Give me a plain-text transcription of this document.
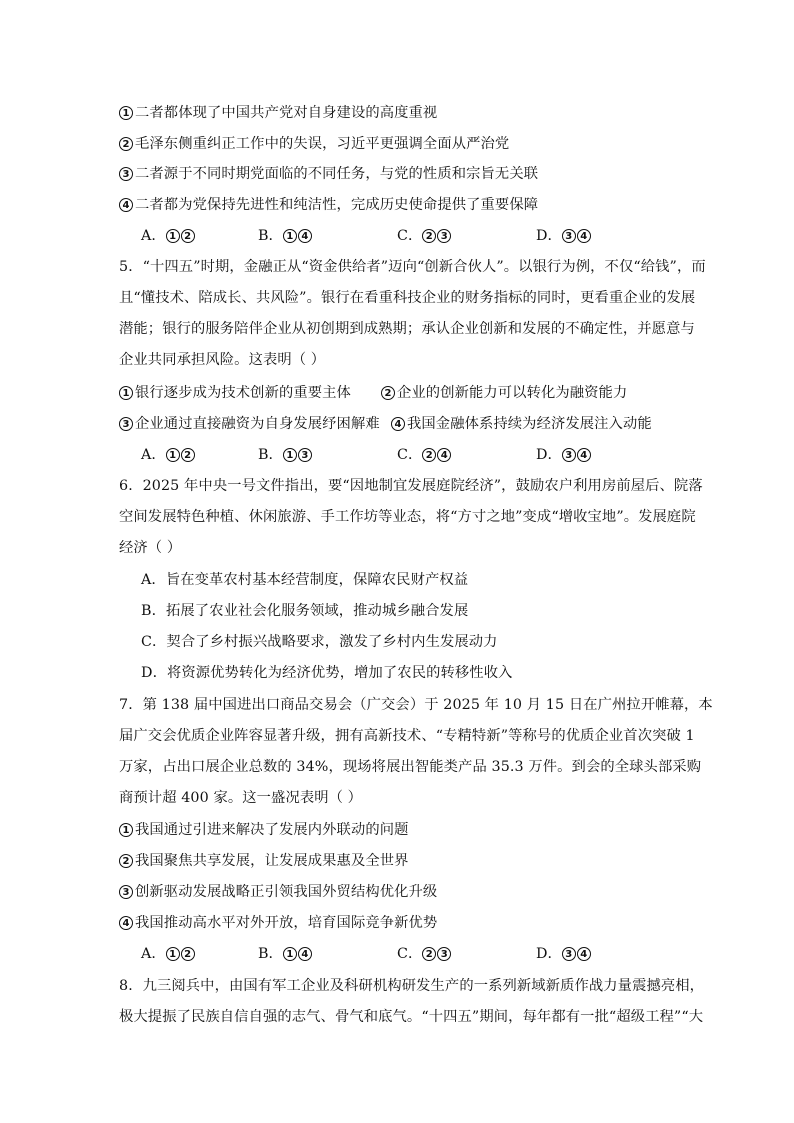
1 二者都体现了中国共产党对自身建设的高度重视
2 毛泽东侧重纠正工作中的失误，习近平更强调全面从严治党
3 二者源于不同时期党面临的不同任务，与党的性质和宗旨无关联
4 二者都为党保持先进性和纯洁性，完成历史使命提供了重要保障
A． 1 2	B． 1 4	C． 2 3	D． 3 4
5．“十四五”时期，金融正从“资金供给者”迈向“创新合伙人”。以银行为例，不仅“给钱”，而
且“懂技术、陪成长、共风险”。银行在看重科技企业的财务指标的同时，更看重企业的发展
潜能；银行的服务陪伴企业从初创期到成熟期；承认企业创新和发展的不确定性，并愿意与
企业共同承担风险。这表明（ ）
1 银行逐步成为技术创新的重要主体	2 企业的创新能力可以转化为融资能力
3 企业通过直接融资为自身发展纾困解难	4 我国金融体系持续为经济发展注入动能
A． 1 2	B． 1 3	C． 2 4	D． 3 4
6．2025 年中央一号文件指出，要“因地制宜发展庭院经济”，鼓励农户利用房前屋后、院落
空间发展特色种植、休闲旅游、手工作坊等业态，将“方寸之地”变成“增收宝地”。发展庭院
经济（ ）
A．旨在变革农村基本经营制度，保障农民财产权益
B．拓展了农业社会化服务领域，推动城乡融合发展
C．契合了乡村振兴战略要求，激发了乡村内生发展动力
D．将资源优势转化为经济优势，增加了农民的转移性收入
7．第 138 届中国进出口商品交易会（广交会）于 2025 年 10 月 15 日在广州拉开帷幕，本
届广交会优质企业阵容显著升级，拥有高新技术、“专精特新”等称号的优质企业首次突破 1
万家，占出口展企业总数的 34%，现场将展出智能类产品 35.3 万件。到会的全球头部采购
商预计超 400 家。这一盛况表明（ ）
1 我国通过引进来解决了发展内外联动的问题
2 我国聚焦共享发展，让发展成果惠及全世界
3 创新驱动发展战略正引领我国外贸结构优化升级
4 我国推动高水平对外开放，培育国际竞争新优势
A． 1 2	B． 1 4	C． 2 3	D． 3 4
8．九三阅兵中，由国有军工企业及科研机构研发生产的一系列新域新质作战力量震撼亮相，
极大提振了民族自信自强的志气、骨气和底气。“十四五”期间，每年都有一批“超级工程”“大
